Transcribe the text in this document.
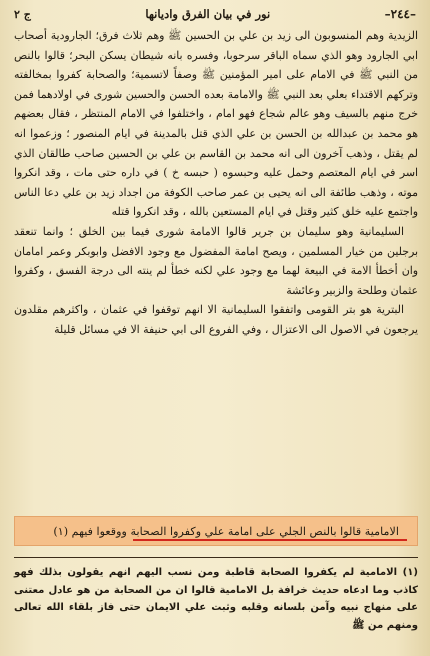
–٢٤٤–
نور في بيان الفرق واديانها
ج ٢

الزيدية وهم المنسوبون الى زيد بن علي بن الحسين ﷺ وهم ثلاث فرق؛ الجارودية أصحاب ابي الجارود وهو الذي سماه الباقر سرحوبا، وفسره بانه شيطان يسكن البحر؛ قالوا بالنص من النبي ﷺ في الامام على امير المؤمنين ﷺ وصفاً لاتسمية؛ والصحابة كفروا بمخالفته وتركهم الاقتداء بعلي بعد النبي ﷺ والامامة بعده الحسن والحسين شورى في اولادهما فمن خرج منهم بالسيف وهو عالم شجاع فهو امام ، واختلفوا في الامام المنتظر ، فقال بعضهم هو محمد بن عبدالله بن الحسن بن علي الذي قتل بالمدينة في ايام المنصور ؛ وزعموا انه لم يقتل ، وذهب آخرون الى انه محمد بن القاسم بن علي بن الحسين صاحب طالقان الذي اسر في ايام المعتصم وحمل عليه وحبسوه ( حبسه خ ) في داره حتى مات ، وقد انكروا موته ، وذهب طائفة الى انه يحيى بن عمر صاحب الكوفة من اجداد زيد بن علي دعا الناس واجتمع عليه خلق كثير وقتل في ايام المستعين بالله ، وقد انكروا قتله

السليمانية وهو سليمان بن جرير قالوا الامامة شورى فيما بين الخلق ؛ وانما تنعقد برجلين من خيار المسلمين ، ويصح امامة المفضول مع وجود الافضل وابوبكر وعمر امامان وان أخطأ الامة في البيعة لهما مع وجود علي لكنه خطأ لم ينته الى درجة الفسق ، وكفروا عثمان وطلحة والزبير وعائشة

البترية هو بتر القومى واتفقوا السليمانية الا انهم توقفوا في عثمان ، واكثرهم مقلدون يرجعون في الاصول الى الاعتزال ، وفي الفروع الى ابي حنيفة الا في مسائل قليلة

الامامية قالوا بالنص الجلي على امامة علي وكفروا الصحابة ووقعوا فيهم (١)

(١) الامامية لم يكفروا الصحابة قاطبة ومن نسب اليهم انهم يقولون بذلك فهو كاذب وما ادعاه حديث خرافة بل الامامية قالوا ان من الصحابة من هو عادل معتنى على منهاج نبيه وآمن بلسانه وقلبه وثبت علي الايمان حتى فاز بلقاء الله تعالى ومنهم من ﷺ
